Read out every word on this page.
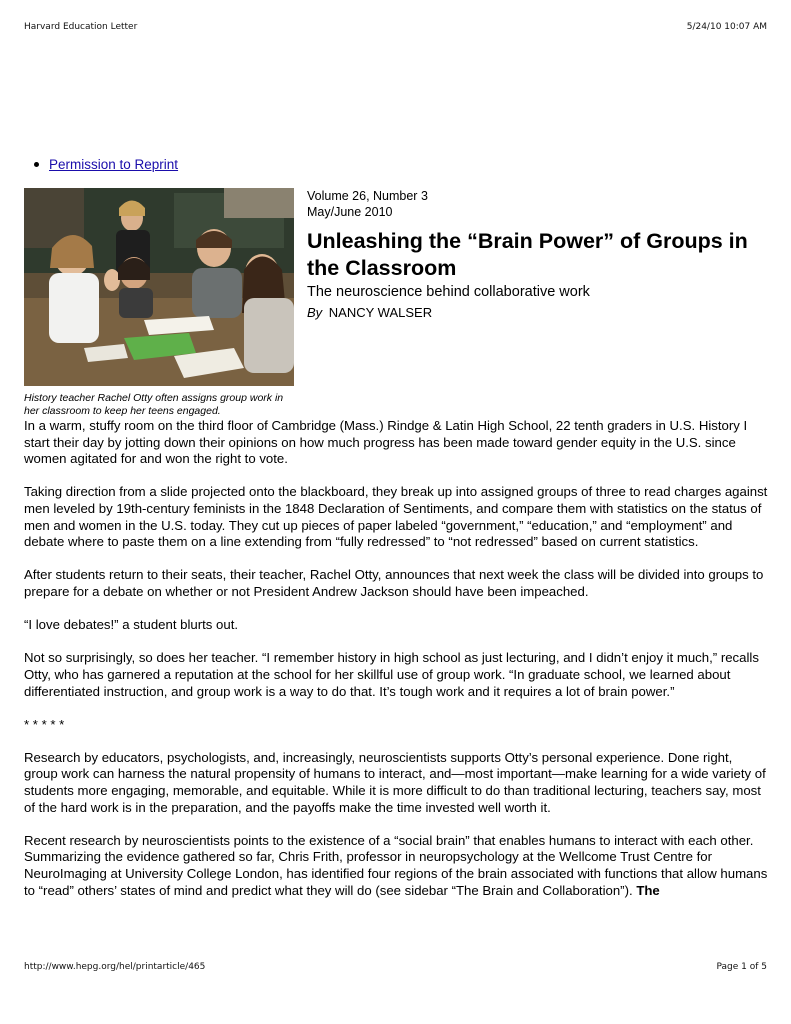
Harvard Education Letter	5/24/10 10:07 AM
Permission to Reprint
History teacher Rachel Otty often assigns group work in her classroom to keep her teens engaged.
Volume 26, Number 3
May/June 2010
Unleashing the “Brain Power” of Groups in the Classroom
The neuroscience behind collaborative work
By NANCY WALSER

In a warm, stuffy room on the third floor of Cambridge (Mass.) Rindge & Latin High School, 22 tenth graders in U.S. History I start their day by jotting down their opinions on how much progress has been made toward gender equity in the U.S. since women agitated for and won the right to vote.

Taking direction from a slide projected onto the blackboard, they break up into assigned groups of three to read charges against men leveled by 19th-century feminists in the 1848 Declaration of Sentiments, and compare them with statistics on the status of men and women in the U.S. today. They cut up pieces of paper labeled “government,” “education,” and “employment” and debate where to paste them on a line extending from “fully redressed” to “not redressed” based on current statistics.

After students return to their seats, their teacher, Rachel Otty, announces that next week the class will be divided into groups to prepare for a debate on whether or not President Andrew Jackson should have been impeached.

“I love debates!” a student blurts out.

Not so surprisingly, so does her teacher. “I remember history in high school as just lecturing, and I didn’t enjoy it much,” recalls Otty, who has garnered a reputation at the school for her skillful use of group work. “In graduate school, we learned about differentiated instruction, and group work is a way to do that. It’s tough work and it requires a lot of brain power.”

* * * * *

Research by educators, psychologists, and, increasingly, neuroscientists supports Otty’s personal experience. Done right, group work can harness the natural propensity of humans to interact, and—most important—make learning for a wide variety of students more engaging, memorable, and equitable. While it is more difficult to do than traditional lecturing, teachers say, most of the hard work is in the preparation, and the payoffs make the time invested well worth it.

Recent research by neuroscientists points to the existence of a “social brain” that enables humans to interact with each other. Summarizing the evidence gathered so far, Chris Frith, professor in neuropsychology at the Wellcome Trust Centre for NeuroImaging at University College London, has identified four regions of the brain associated with functions that allow humans to “read” others’ states of mind and predict what they will do (see sidebar “The Brain and Collaboration”). The

http://www.hepg.org/hel/printarticle/465	Page 1 of 5
